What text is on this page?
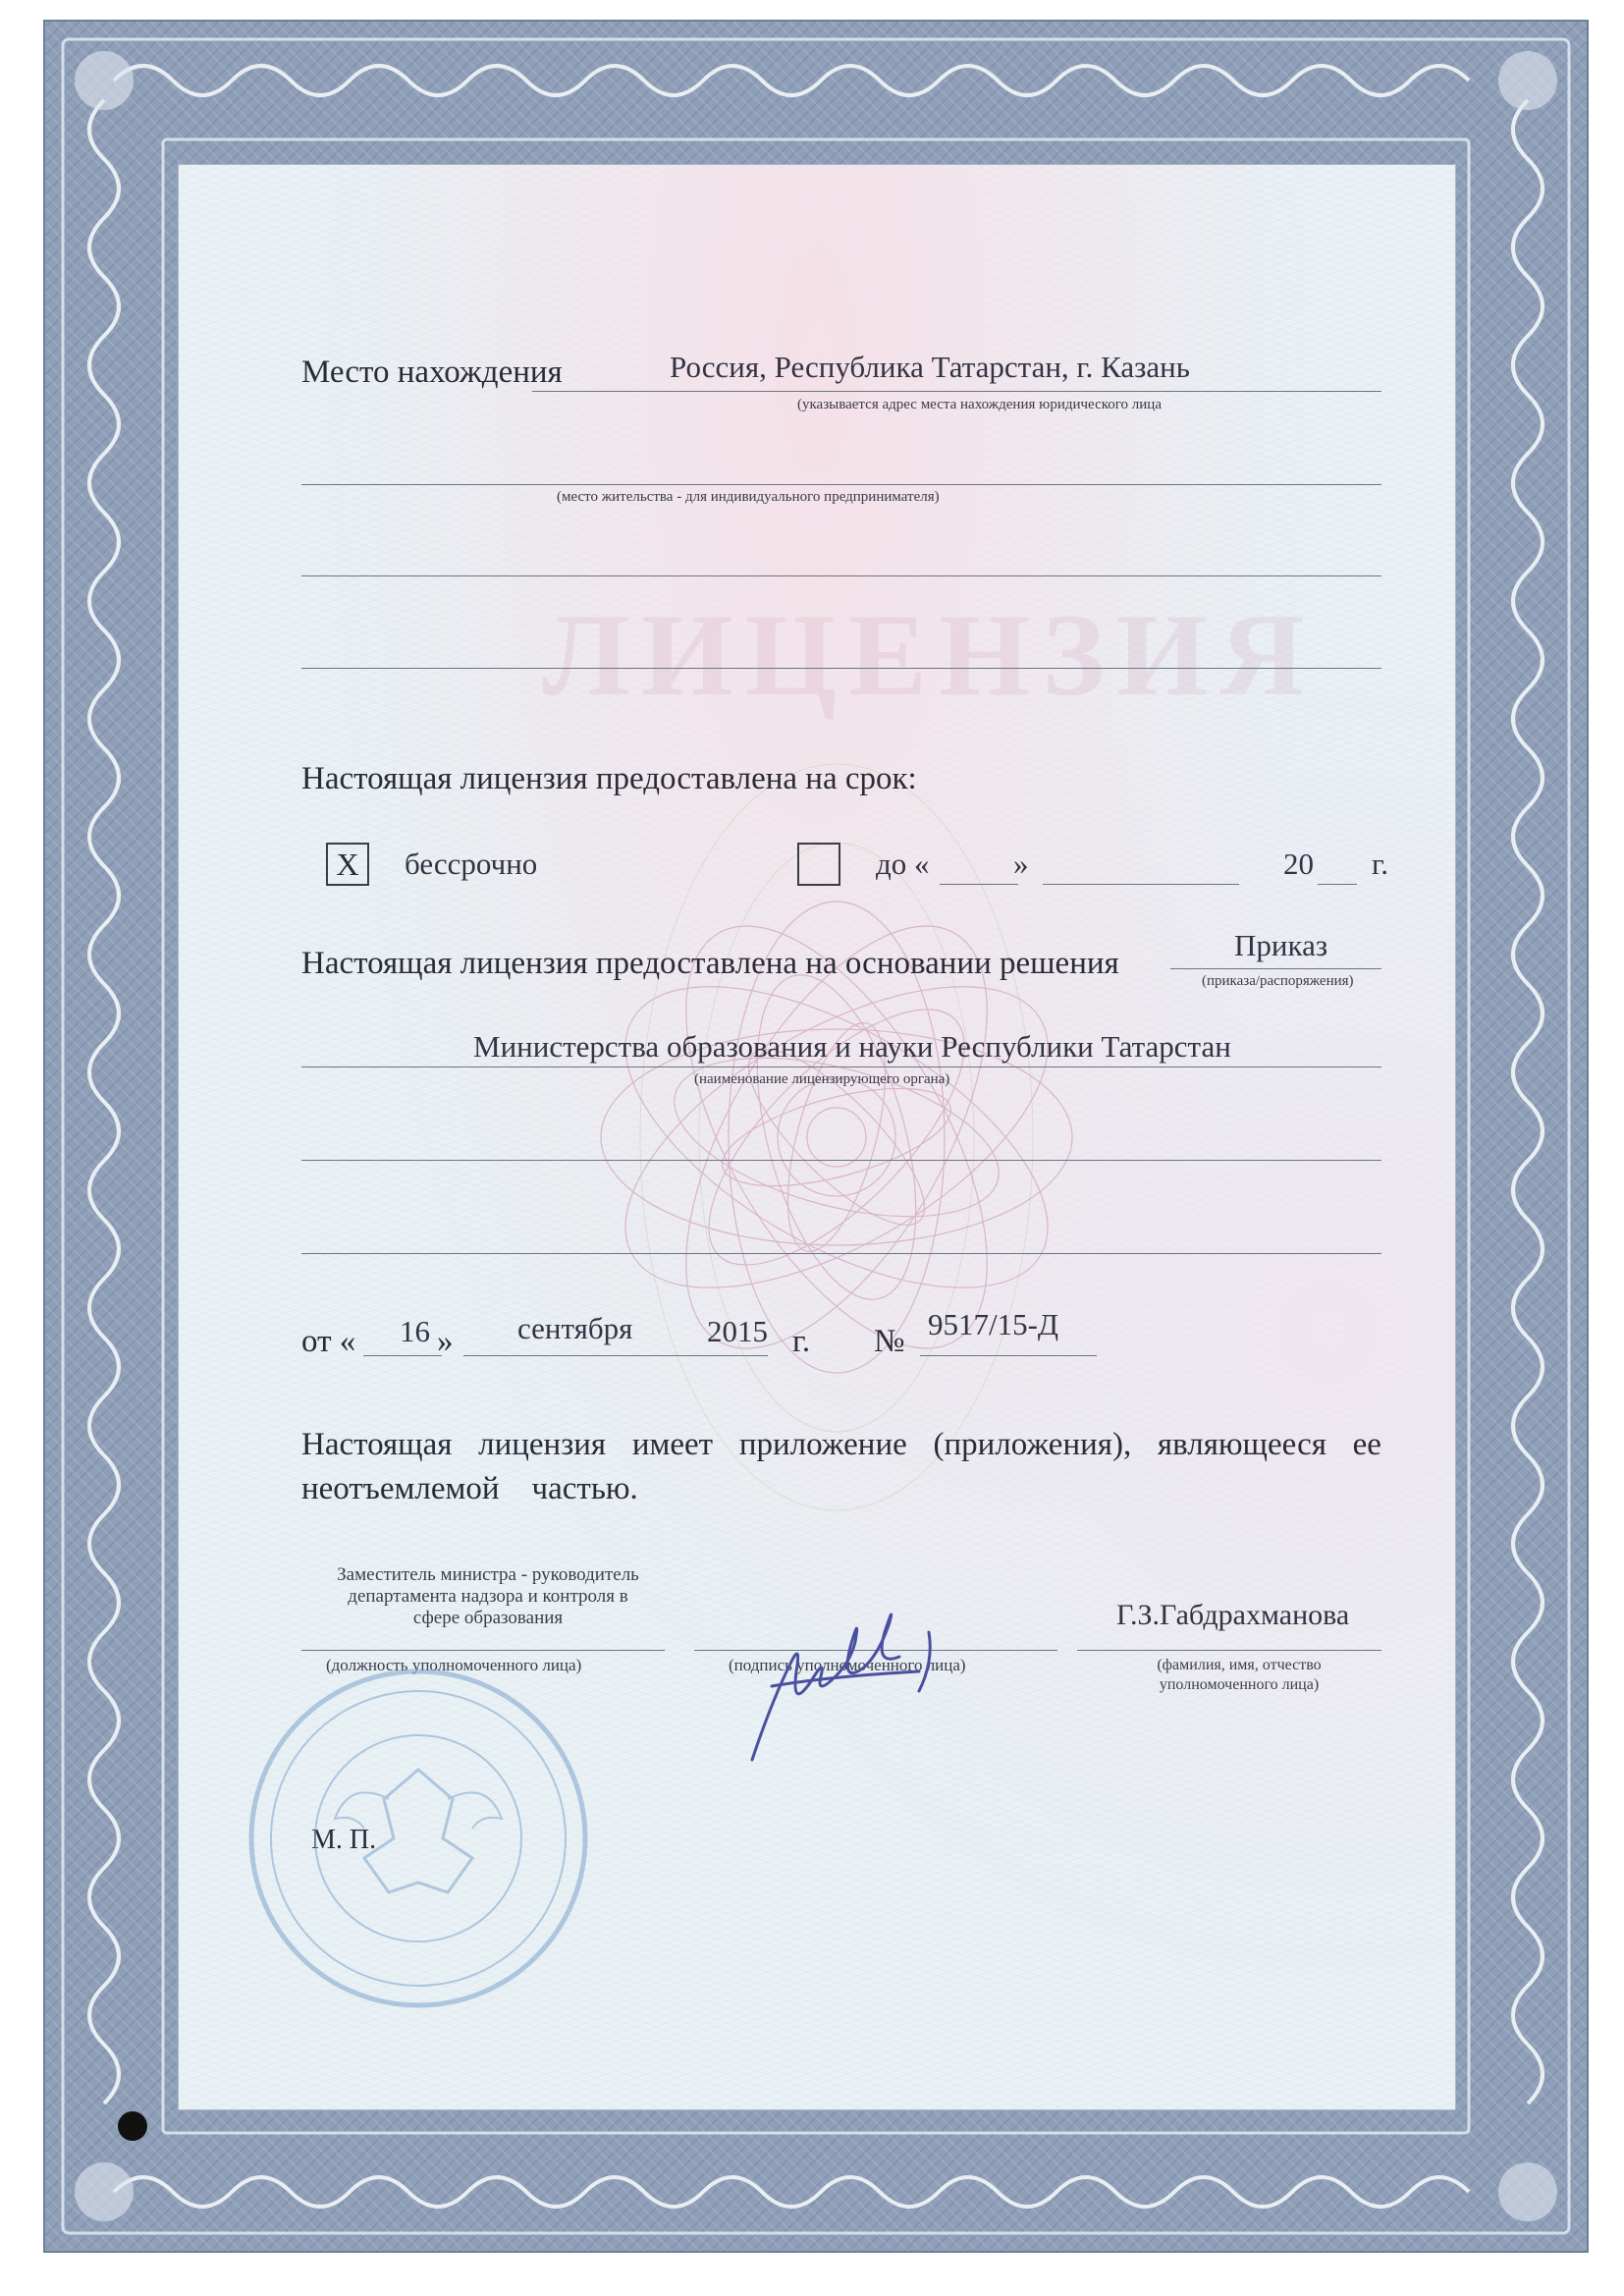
ЛИЦЕНЗИЯ
Место нахождения	Россия, Республика Татарстан, г. Казань
(указывается адрес места нахождения юридического лица
(место жительства - для индивидуального предпринимателя)
Настоящая лицензия предоставлена на срок:
X	бессрочно	до «	»	20 г.
Настоящая лицензия предоставлена на основании решения
Приказ
(приказа/распоряжения)
Министерства образования и науки Республики Татарстан
(наименование лицензирующего органа)
от « 16 » сентября 2015 г. № 9517/15-Д
Настоящая лицензия имеет приложение (приложения), являющееся ее
неотъемлемой    частью.
Заместитель министра - руководитель департамента надзора и контроля в сфере образования
(должность уполномоченного лица)	(подпись уполномоченного лица)
Г.З.Габдрахманова
(фамилия, имя, отчество уполномоченного лица)
М. П.
